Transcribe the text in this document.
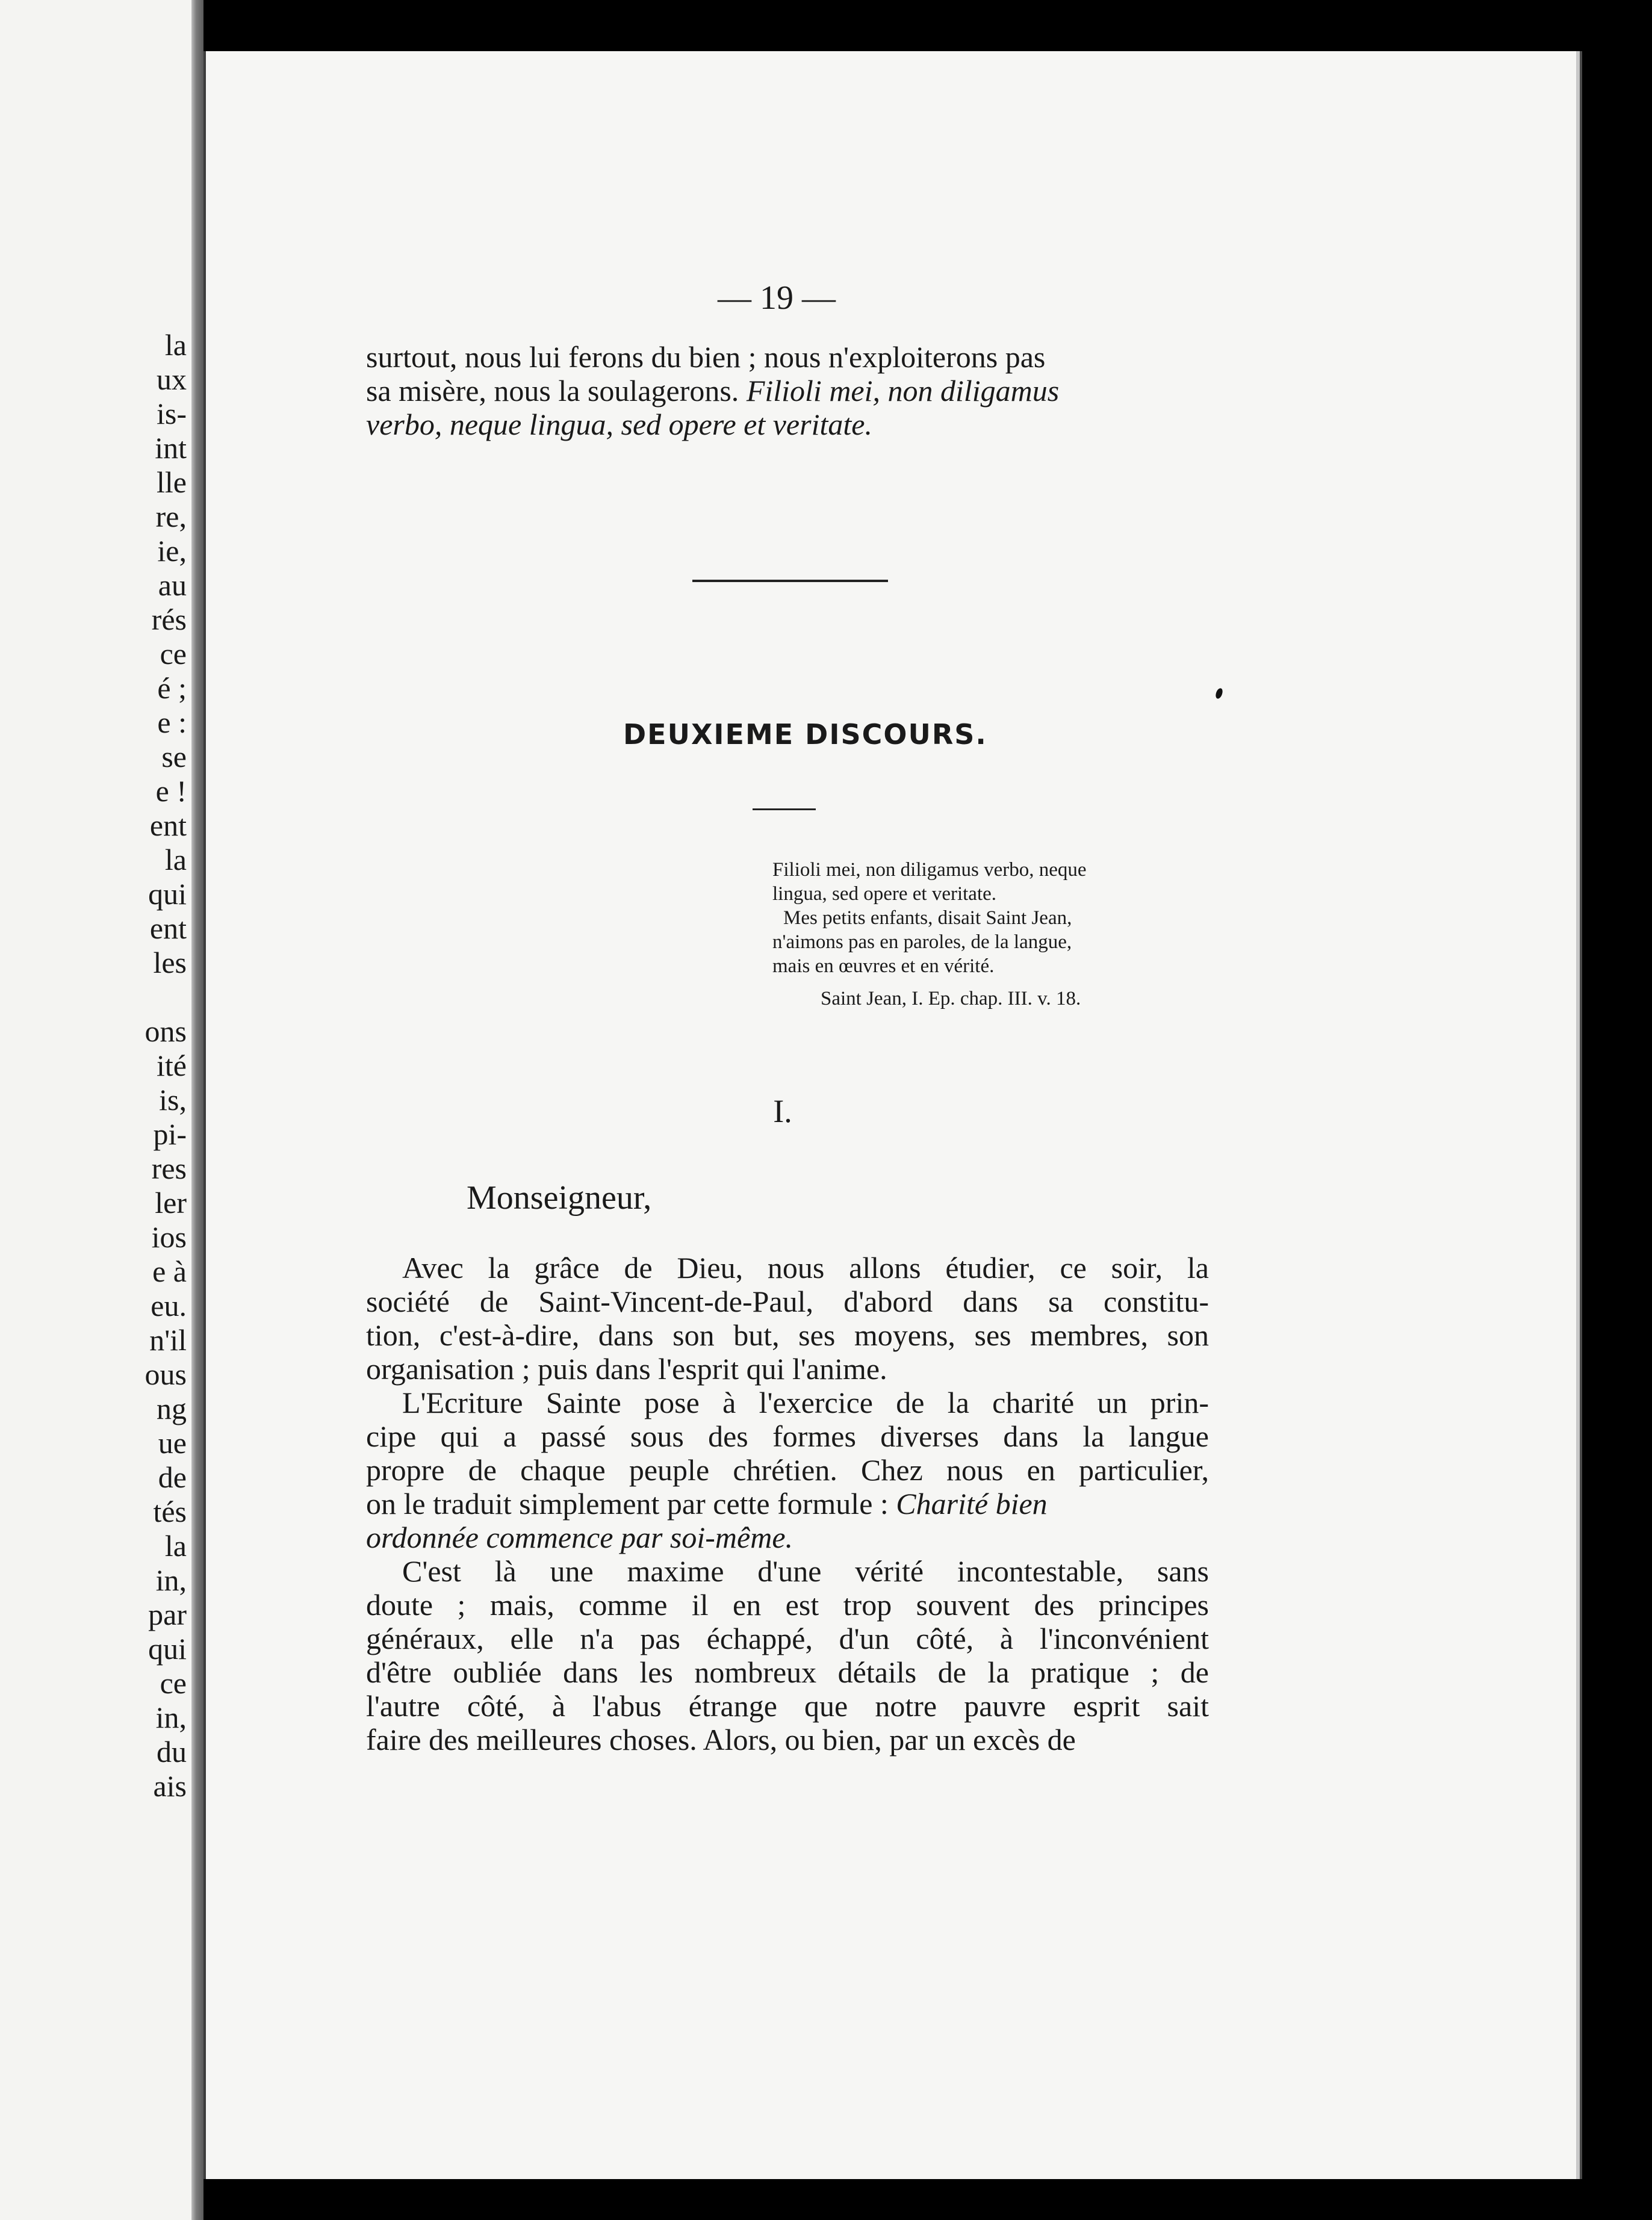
la
ux
is-
int
lle
re,
ie,
au
rés
ce
é ;
e :
se
e !
ent
la
qui
ent
les
ons
ité
is,
pi-
res
ler
ios
e à
eu.
n'il
ous
ng
ue
de
tés
la
in,
par
qui
ce
in,
du
ais
— 19 —
surtout, nous lui ferons du bien ; nous n'exploiterons pas
sa misère, nous la soulagerons. Filioli mei, non diligamus
verbo, neque lingua, sed opere et veritate.
DEUXIEME DISCOURS.
Filioli mei, non diligamus verbo, neque
lingua, sed opere et veritate.
Mes petits enfants, disait Saint Jean,
n'aimons pas en paroles, de la langue,
mais en œuvres et en vérité.
Saint Jean, I. Ep. chap. III. v. 18.
I.
Monseigneur,
Avec la grâce de Dieu, nous allons étudier, ce soir, la
société de Saint-Vincent-de-Paul, d'abord dans sa constitu-
tion, c'est-à-dire, dans son but, ses moyens, ses membres, son
organisation ; puis dans l'esprit qui l'anime.
L'Ecriture Sainte pose à l'exercice de la charité un prin-
cipe qui a passé sous des formes diverses dans la langue
propre de chaque peuple chrétien. Chez nous en particulier,
on le traduit simplement par cette formule : Charité bien
ordonnée commence par soi-même.
C'est là une maxime d'une vérité incontestable, sans
doute ; mais, comme il en est trop souvent des principes
généraux, elle n'a pas échappé, d'un côté, à l'inconvénient
d'être oubliée dans les nombreux détails de la pratique ; de
l'autre côté, à l'abus étrange que notre pauvre esprit sait
faire des meilleures choses. Alors, ou bien, par un excès de
